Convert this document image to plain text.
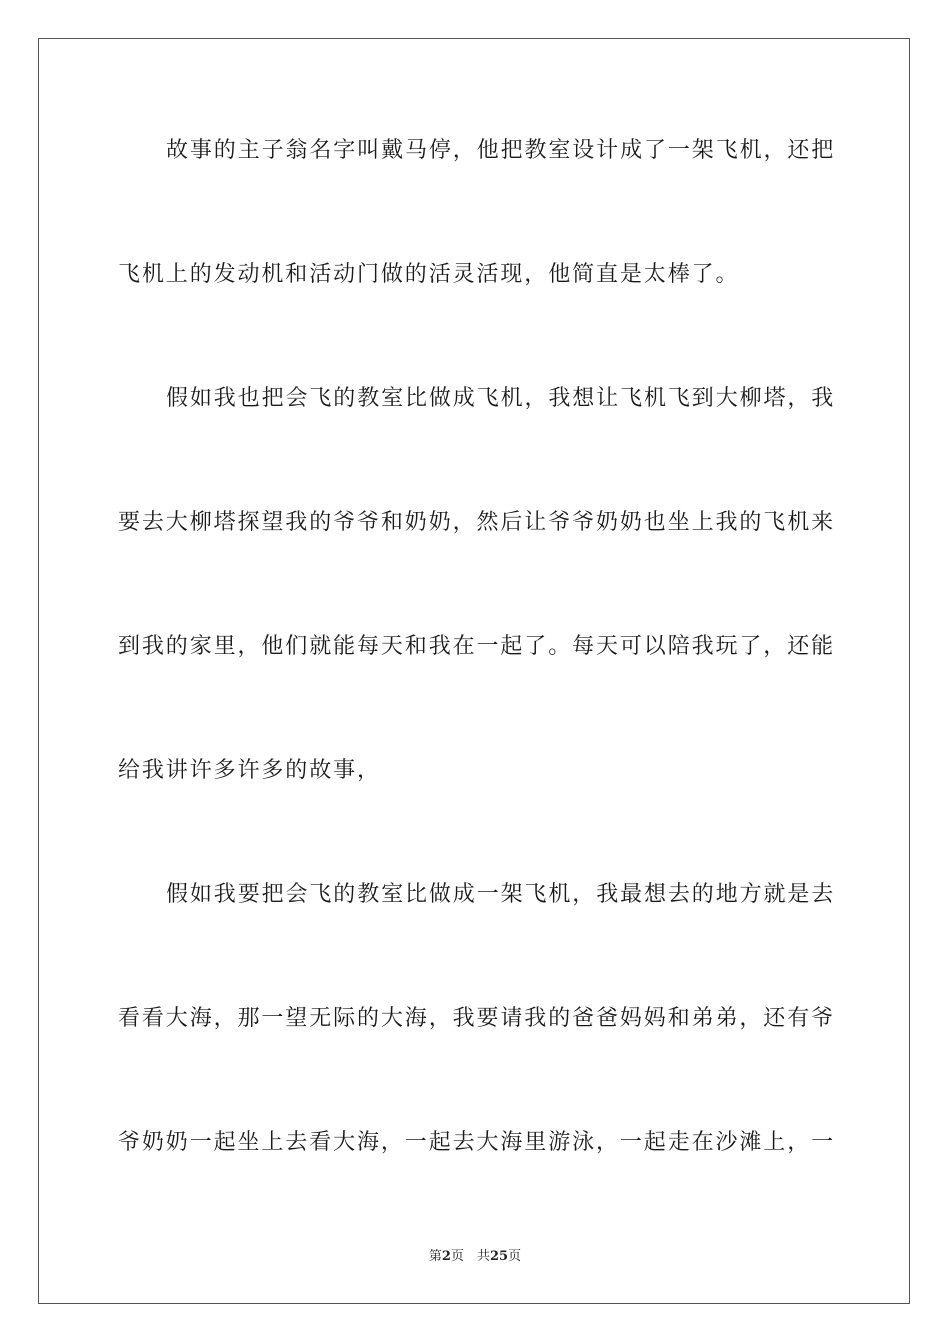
故事的主子翁名字叫戴马停，他把教室设计成了一架飞机，还把
飞机上的发动机和活动门做的活灵活现，他简直是太棒了。
假如我也把会飞的教室比做成飞机，我想让飞机飞到大柳塔，我
要去大柳塔探望我的爷爷和奶奶，然后让爷爷奶奶也坐上我的飞机来
到我的家里，他们就能每天和我在一起了。每天可以陪我玩了，还能
给我讲许多许多的故事，
假如我要把会飞的教室比做成一架飞机，我最想去的地方就是去
看看大海，那一望无际的大海，我要请我的爸爸妈妈和弟弟，还有爷
爷奶奶一起坐上去看大海，一起去大海里游泳，一起走在沙滩上，一
第2页　共25页
